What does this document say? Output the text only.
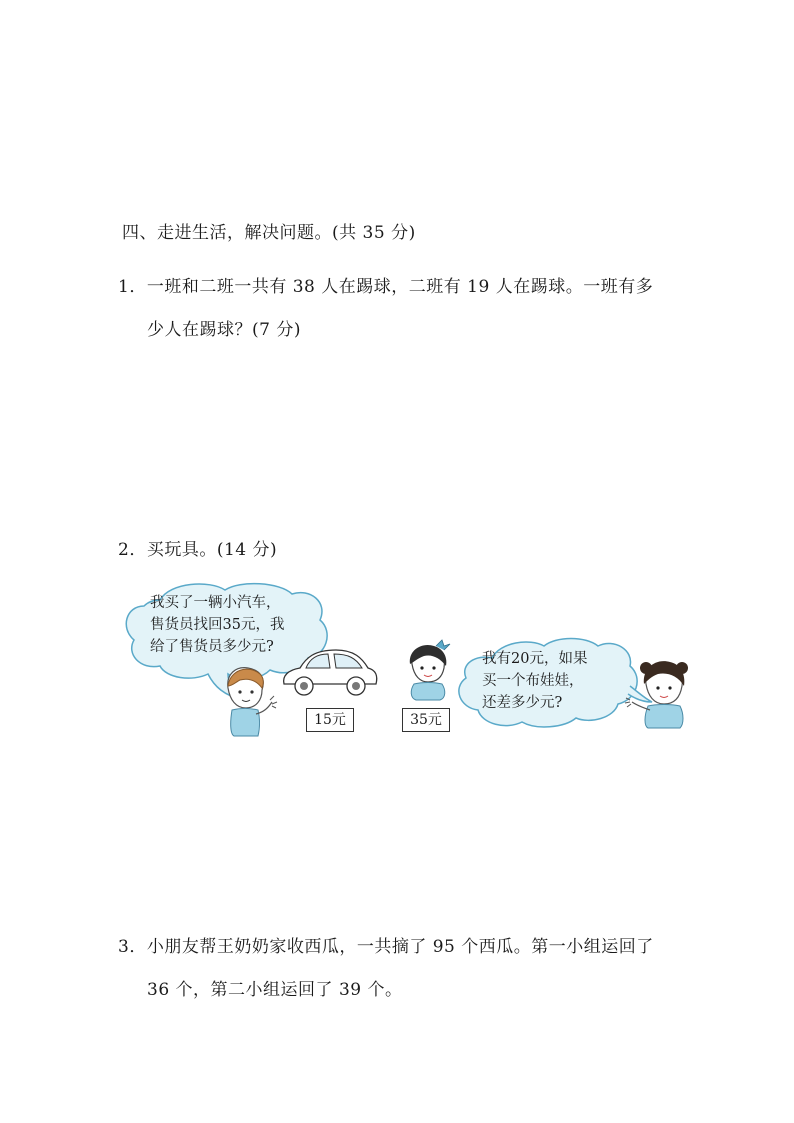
四、走进生活，解决问题。(共 35 分)
1．一班和二班一共有 38 人在踢球，二班有 19 人在踢球。一班有多
少人在踢球？(7 分)
2．买玩具。(14 分)
我买了一辆小汽车，
售货员找回35元，我
给了售货员多少元?
我有20元，如果
买一个布娃娃，
还差多少元?
15元	35元
3．小朋友帮王奶奶家收西瓜，一共摘了 95 个西瓜。第一小组运回了
36 个，第二小组运回了 39 个。
